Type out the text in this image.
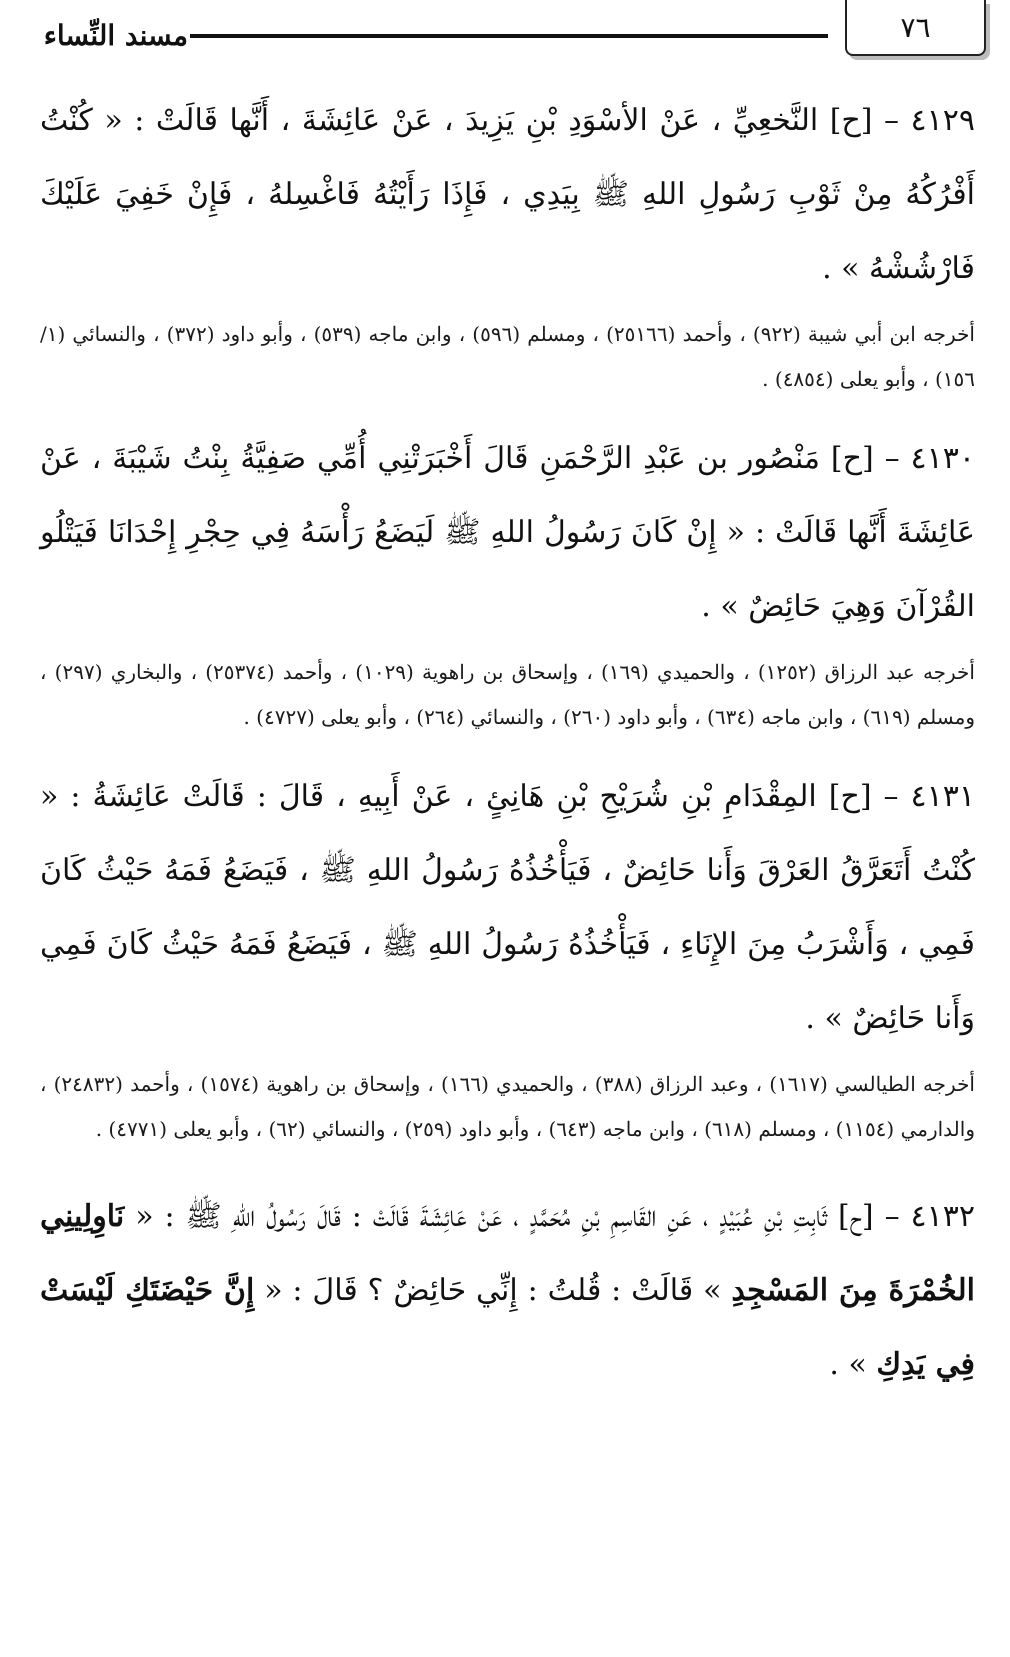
مسند النِّساء	٧٦

٤١٢٩ – [ح] النَّخعِيِّ ، عَنْ الأسْوَدِ بْنِ يَزِيدَ ، عَنْ عَائِشَةَ ، أَنَّها قَالَتْ : « كُنْتُ أَفْرُكُهُ مِنْ ثَوْبِ رَسُولِ اللهِ ﷺ بِيَدِي ، فَإِذَا رَأَيْتُهُ فَاغْسِلهُ ، فَإِنْ خَفِيَ عَلَيْكَ فَارْشُشْهُ » .

أخرجه ابن أبي شيبة (٩٢٢) ، وأحمد (٢٥١٦٦) ، ومسلم (٥٩٦) ، وابن ماجه (٥٣٩) ، وأبو داود (٣٧٢) ، والنسائي (١/ ١٥٦) ، وأبو يعلى (٤٨٥٤) .

٤١٣٠ – [ح] مَنْصُور بن عَبْدِ الرَّحْمَنِ قَالَ أَخْبَرَتْنِي أُمِّي صَفِيَّةُ بِنْتُ شَيْبَةَ ، عَنْ عَائِشَةَ أَنَّها قَالَتْ : « إِنْ كَانَ رَسُولُ اللهِ ﷺ لَيَضَعُ رَأْسَهُ فِي حِجْرِ إِحْدَانَا فَيَتْلُو القُرْآنَ وَهِيَ حَائِضٌ » .

أخرجه عبد الرزاق (١٢٥٢) ، والحميدي (١٦٩) ، وإسحاق بن راهوية (١٠٢٩) ، وأحمد (٢٥٣٧٤) ، والبخاري (٢٩٧) ، ومسلم (٦١٩) ، وابن ماجه (٦٣٤) ، وأبو داود (٢٦٠) ، والنسائي (٢٦٤) ، وأبو يعلى (٤٧٢٧) .

٤١٣١ – [ح] المِقْدَامِ بْنِ شُرَيْحِ بْنِ هَانِئٍ ، عَنْ أَبِيهِ ، قَالَ : قَالَتْ عَائِشَةُ : « كُنْتُ أَتَعَرَّقُ العَرْقَ وَأَنا حَائِضٌ ، فَيَأْخُذُهُ رَسُولُ اللهِ ﷺ ، فَيَضَعُ فَمَهُ حَيْثُ كَانَ فَمِي ، وَأَشْرَبُ مِنَ الإِنَاءِ ، فَيَأْخُذُهُ رَسُولُ اللهِ ﷺ ، فَيَضَعُ فَمَهُ حَيْثُ كَانَ فَمِي وَأَنا حَائِضٌ » .

أخرجه الطيالسي (١٦١٧) ، وعبد الرزاق (٣٨٨) ، والحميدي (١٦٦) ، وإسحاق بن راهوية (١٥٧٤) ، وأحمد (٢٤٨٣٢) ، والدارمي (١١٥٤) ، ومسلم (٦١٨) ، وابن ماجه (٦٤٣) ، وأبو داود (٢٥٩) ، والنسائي (٦٢) ، وأبو يعلى (٤٧٧١) .

٤١٣٢ – [ح] ثَابِتِ بْنِ عُبَيْدٍ ، عَنِ القَاسِمِ بْنِ مُحَمَّدٍ ، عَنْ عَائِشَةَ قَالَتْ : قَالَ رَسُولُ اللهِ ﷺ : « نَاوِلِينِي الخُمْرَةَ مِنَ المَسْجِدِ » قَالَتْ : قُلتُ : إِنِّي حَائِضٌ ؟ قَالَ : « إِنَّ حَيْضَتَكِ لَيْسَتْ فِي يَدِكِ » .
